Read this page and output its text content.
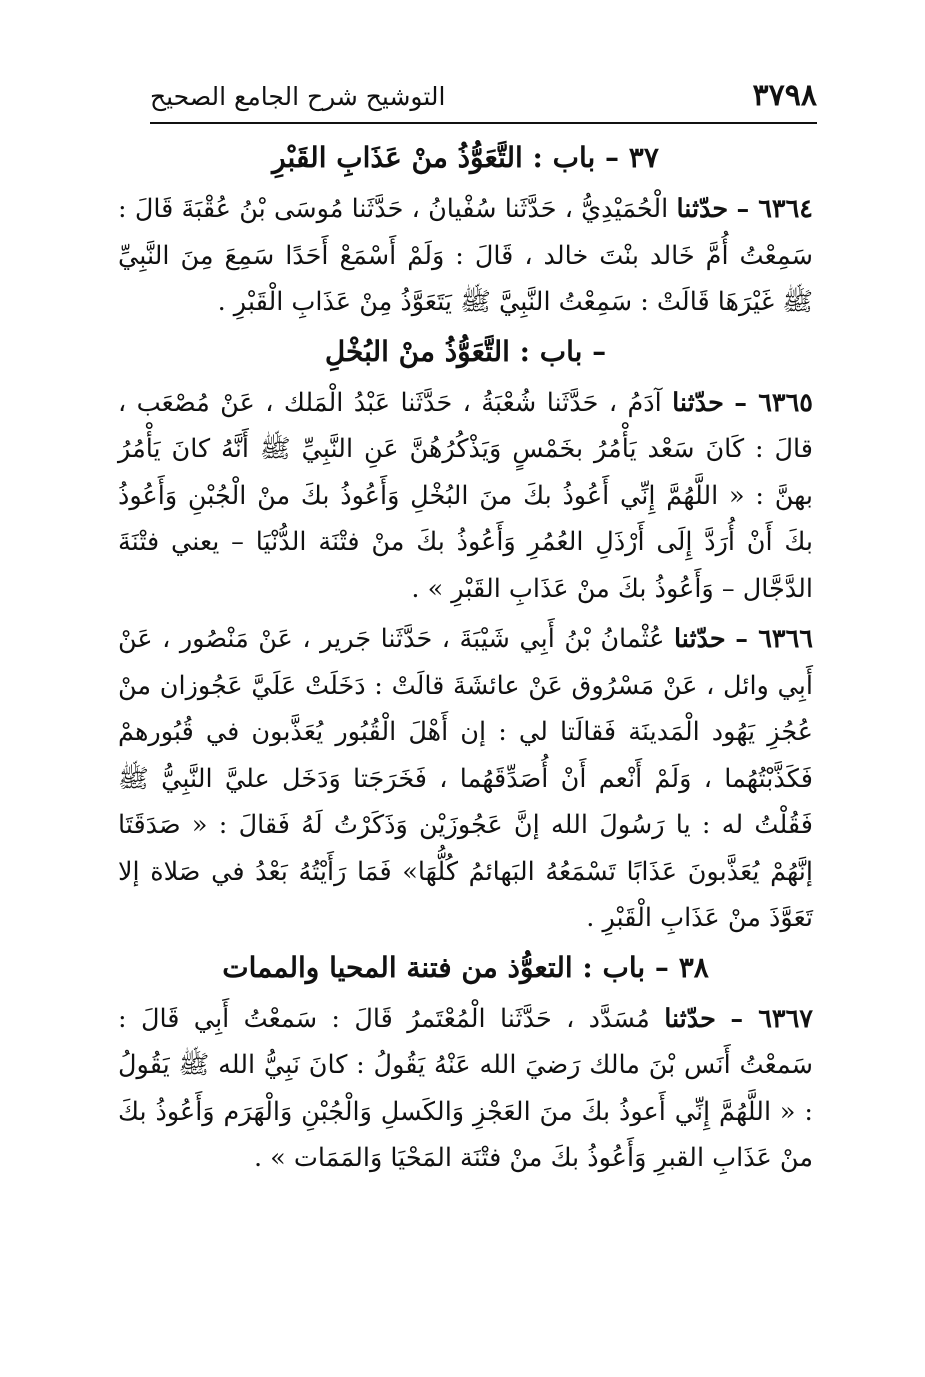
٣٧٩٨
التوشيح شرح الجامع الصحيح
٣٧ – باب : التَّعَوُّذُ منْ عَذَابِ القَبْرِ

٦٣٦٤ – حدّثنا الْحُمَيْدِيُّ ، حَدَّثَنا سُفْيانُ ، حَدَّثَنا مُوسَى بْنُ عُقْبَةَ قَالَ : سَمِعْتُ أُمَّ خَالد بنْتَ خالد ، قَالَ : وَلَمْ أَسْمَعْ أَحَدًا سَمِعَ مِنَ النَّبِيِّ ﷺ غَيْرَهَا قَالَتْ : سَمِعْتُ النَّبِيَّ ﷺ يَتَعَوَّذُ مِنْ عَذَابِ الْقَبْرِ .

– باب : التَّعَوُّذُ منْ البُخْلِ

٦٣٦٥ – حدّثنا آدَمُ ، حَدَّثَنا شُعْبَةُ ، حَدَّثَنا عَبْدُ الْمَلك ، عَنْ مُصْعَب ، قالَ : كَانَ سَعْد يَأْمُرُ بخَمْسٍ وَيَذْكُرُهُنَّ عَنِ النَّبِيِّ ﷺ أَنَّهُ كانَ يَأْمُرُ بهنَّ : « اللَّهُمَّ إِنِّي أَعُوذُ بكَ منَ البُخْلِ وَأَعُوذُ بكَ منْ الْجُبْنِ وَأَعُوذُ بكَ أَنْ أُرَدَّ إِلَى أَرْذَلِ العُمُرِ وَأَعُوذُ بكَ منْ فتْنَة الدُّنْيَا – يعني فتْنَةَ الدَّجَّال – وَأَعُوذُ بكَ منْ عَذَابِ القَبْرِ » .

٦٣٦٦ – حدّثنا عُثْمانُ بْنُ أَبِي شَيْبَةَ ، حَدَّثَنا جَرير ، عَنْ مَنْصُور ، عَنْ أَبِي وائل ، عَنْ مَسْرُوق عَنْ عائشَةَ قالَتْ : دَخَلَتْ عَلَيَّ عَجُوزان منْ عُجُزِ يَهُود الْمَدينَة فَقالَتا لي : إن أَهْلَ الْقُبُور يُعَذَّبون في قُبُورهمْ فَكَذَّبْتُهُما ، وَلَمْ أَنْعم أَنْ أُصَدِّقَهُما ، فَخَرَجَتا وَدَخَل عليَّ النَّبِيُّ ﷺ فَقُلْتُ له : يا رَسُولَ الله إنَّ عَجُوزَيْن وَذَكَرْتُ لَهُ فَقالَ : « صَدَقَتَا إنَّهُمْ يُعَذَّبونَ عَذَابًا تَسْمَعُهُ البَهائمُ كُلُّهَا» فَمَا رَأَيْتُهُ بَعْدُ في صَلاة إلا تَعَوَّذَ منْ عَذَابِ الْقَبْرِ .

٣٨ – باب : التعوُّذ من فتنة المحيا والممات

٦٣٦٧ – حدّثنا مُسَدَّد ، حَدَّثَنا الْمُعْتَمرُ قَالَ : سَمعْتُ أَبِي قَالَ : سَمعْتُ أَنَس بْنَ مالك رَضيَ الله عَنْهُ يَقُولُ : كانَ نَبِيُّ الله ﷺ يَقُولُ : « اللَّهُمَّ إِنِّي أَعوذُ بكَ منَ العَجْزِ وَالكَسلِ وَالْجُبْنِ وَالْهَرَم وَأَعُوذُ بكَ منْ عَذَابِ القبرِ وَأَعُوذُ بكَ منْ فتْنَة المَحْيَا وَالمَمَات » .
